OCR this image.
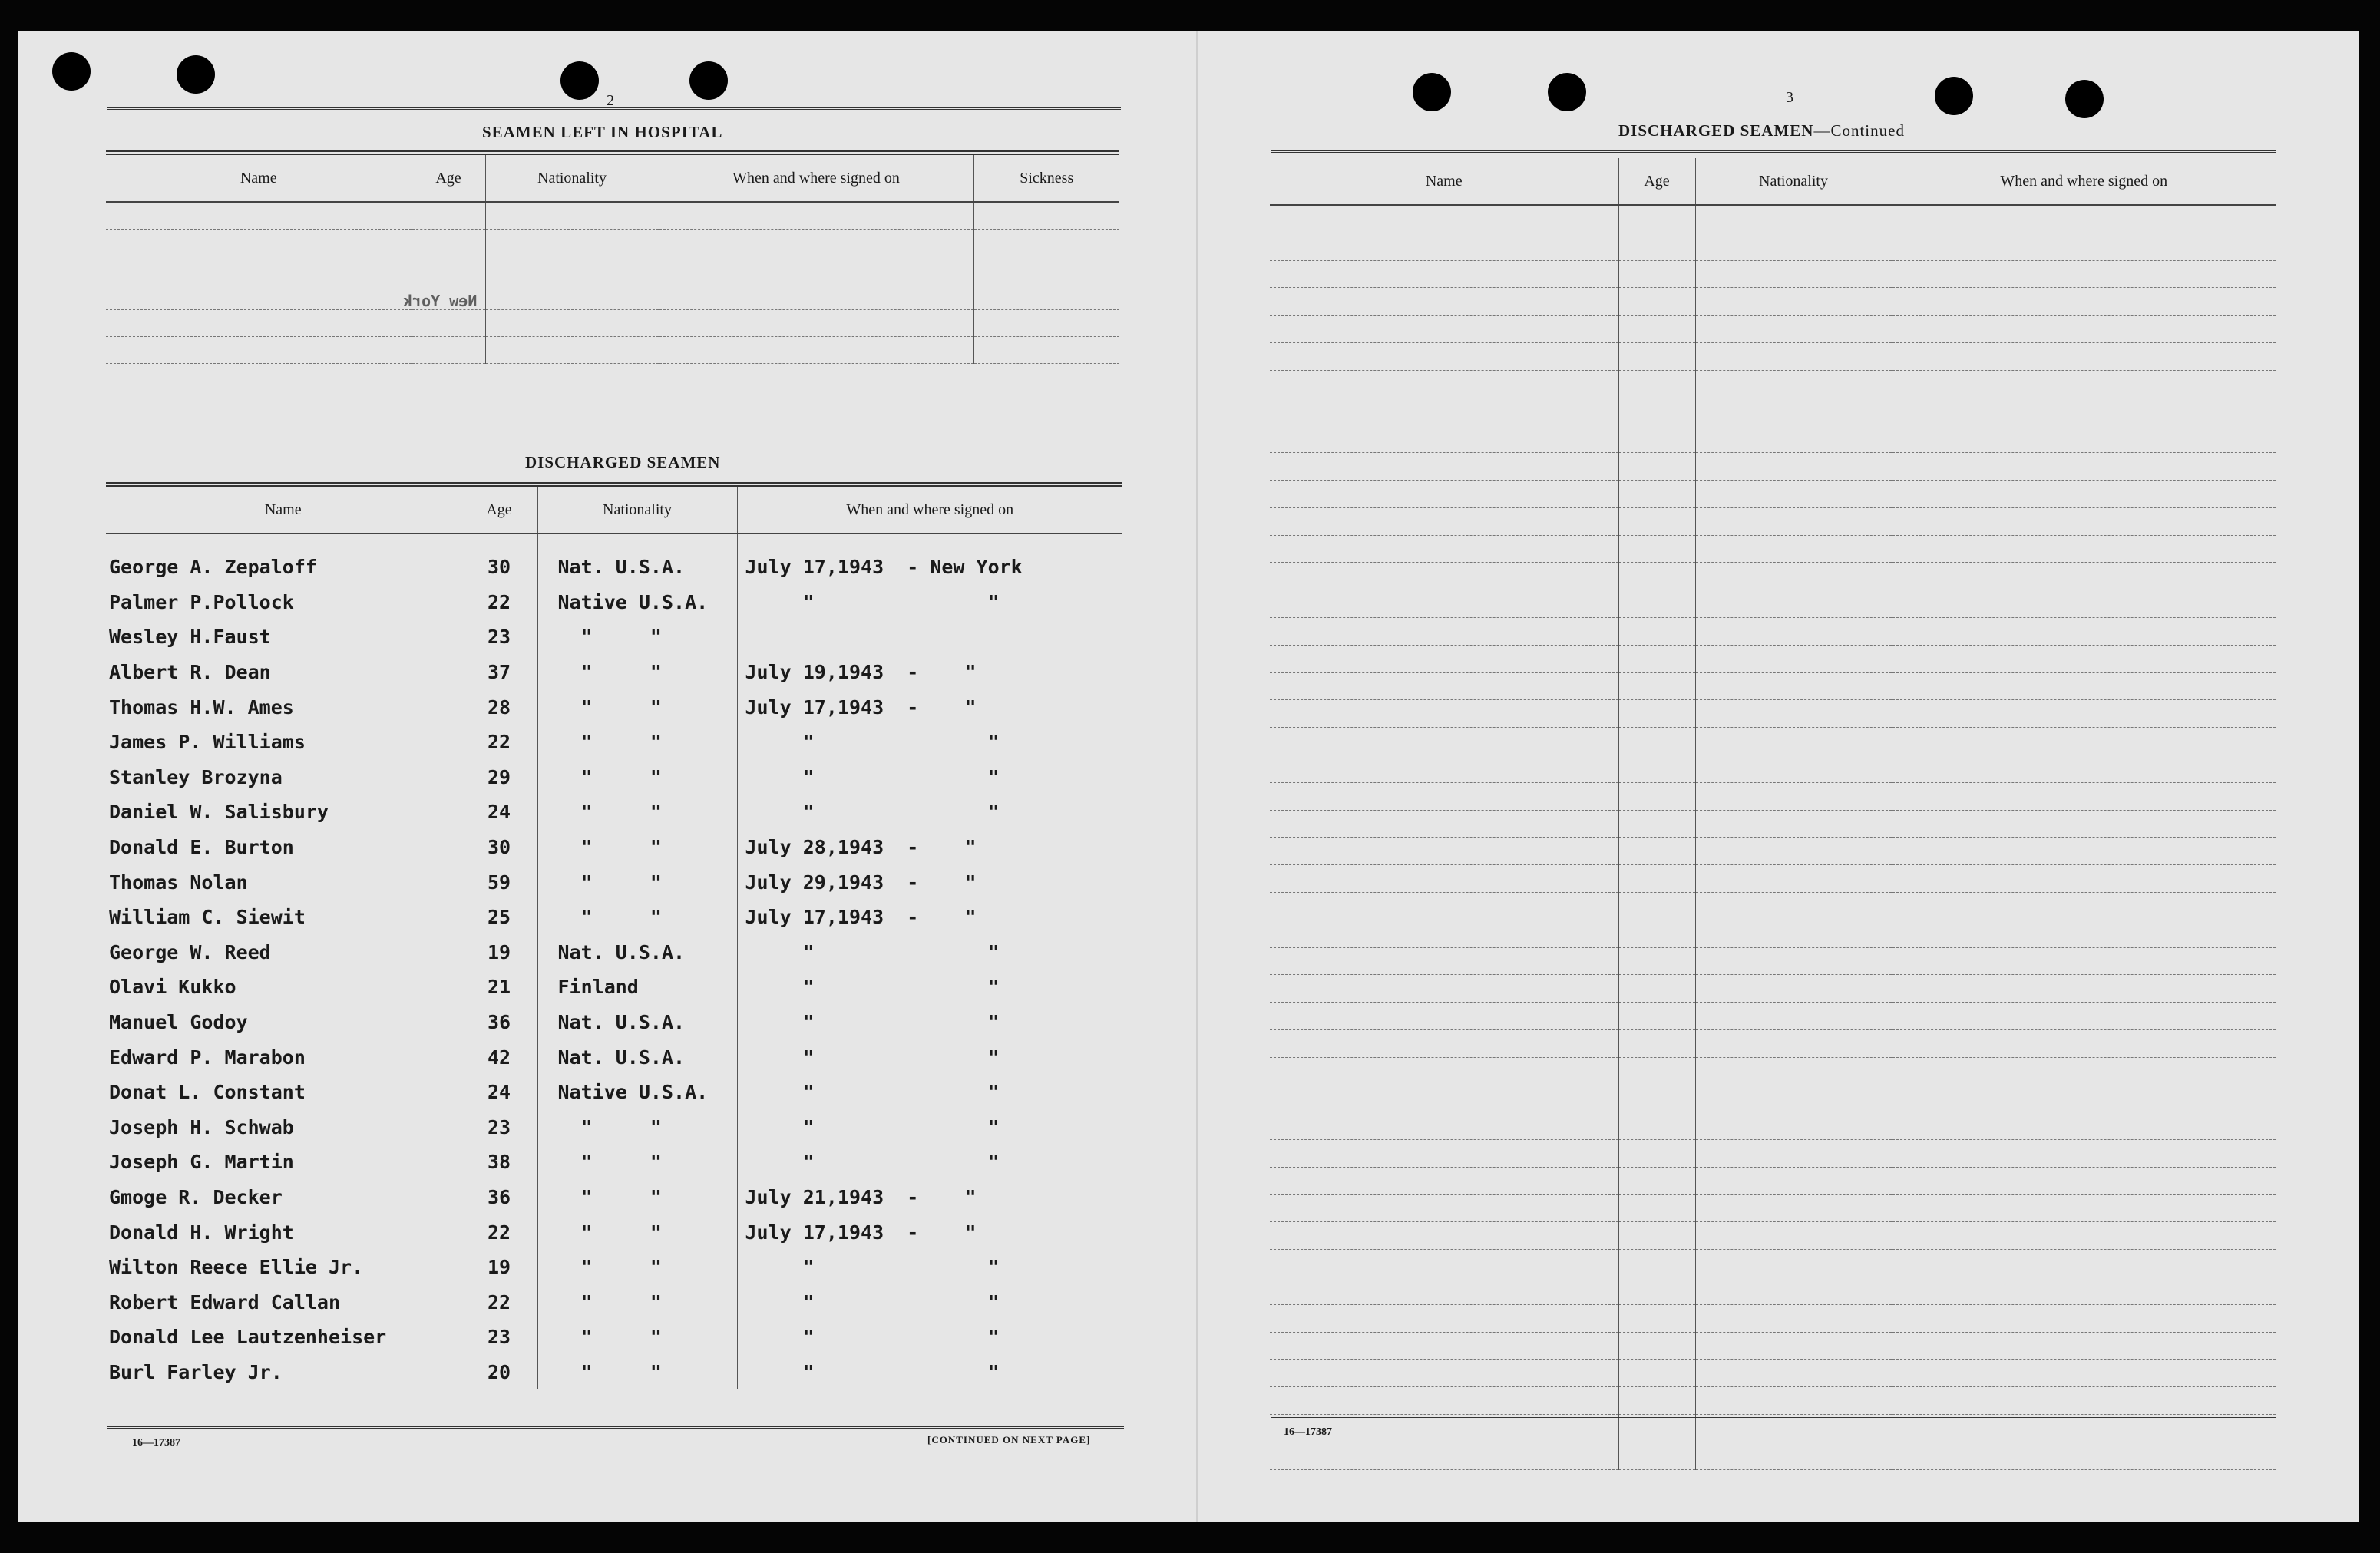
2
SEAMEN LEFT IN HOSPITAL
Name	Age	Nationality	When and where signed on	Sickness

New York
DISCHARGED SEAMEN
Name	Age	Nationality	When and where signed on

George A. Zepaloff	30	Nat. U.S.A.	July 17,1943  - New York
Palmer P.Pollock	22	Native U.S.A.	"               "
Wesley H.Faust	23	"     "	
Albert R. Dean	37	"     "	July 19,1943  -    "
Thomas H.W. Ames	28	"     "	July 17,1943  -    "
James P. Williams	22	"     "	"               "
Stanley Brozyna	29	"     "	"               "
Daniel W. Salisbury	24	"     "	"               "
Donald E. Burton	30	"     "	July 28,1943  -    "
Thomas Nolan	59	"     "	July 29,1943  -    "
William C. Siewit	25	"     "	July 17,1943  -    "
George W. Reed	19	Nat. U.S.A.	"               "
Olavi Kukko	21	Finland	"               "
Manuel Godoy	36	Nat. U.S.A.	"               "
Edward P. Marabon	42	Nat. U.S.A.	"               "
Donat L. Constant	24	Native U.S.A.	"               "
Joseph H. Schwab	23	"     "	"               "
Joseph G. Martin	38	"     "	"               "
Gmoge R. Decker	36	"     "	July 21,1943  -    "
Donald H. Wright	22	"     "	July 17,1943  -    "
Wilton Reece Ellie Jr.	19	"     "	"               "
Robert Edward Callan	22	"     "	"               "
Donald Lee Lautzenheiser	23	"     "	"               "
Burl Farley Jr.	20	"     "	"               "
16—17387	[CONTINUED ON NEXT PAGE]
3
DISCHARGED SEAMEN—Continued
Name	Age	Nationality	When and where signed on

16—17387
